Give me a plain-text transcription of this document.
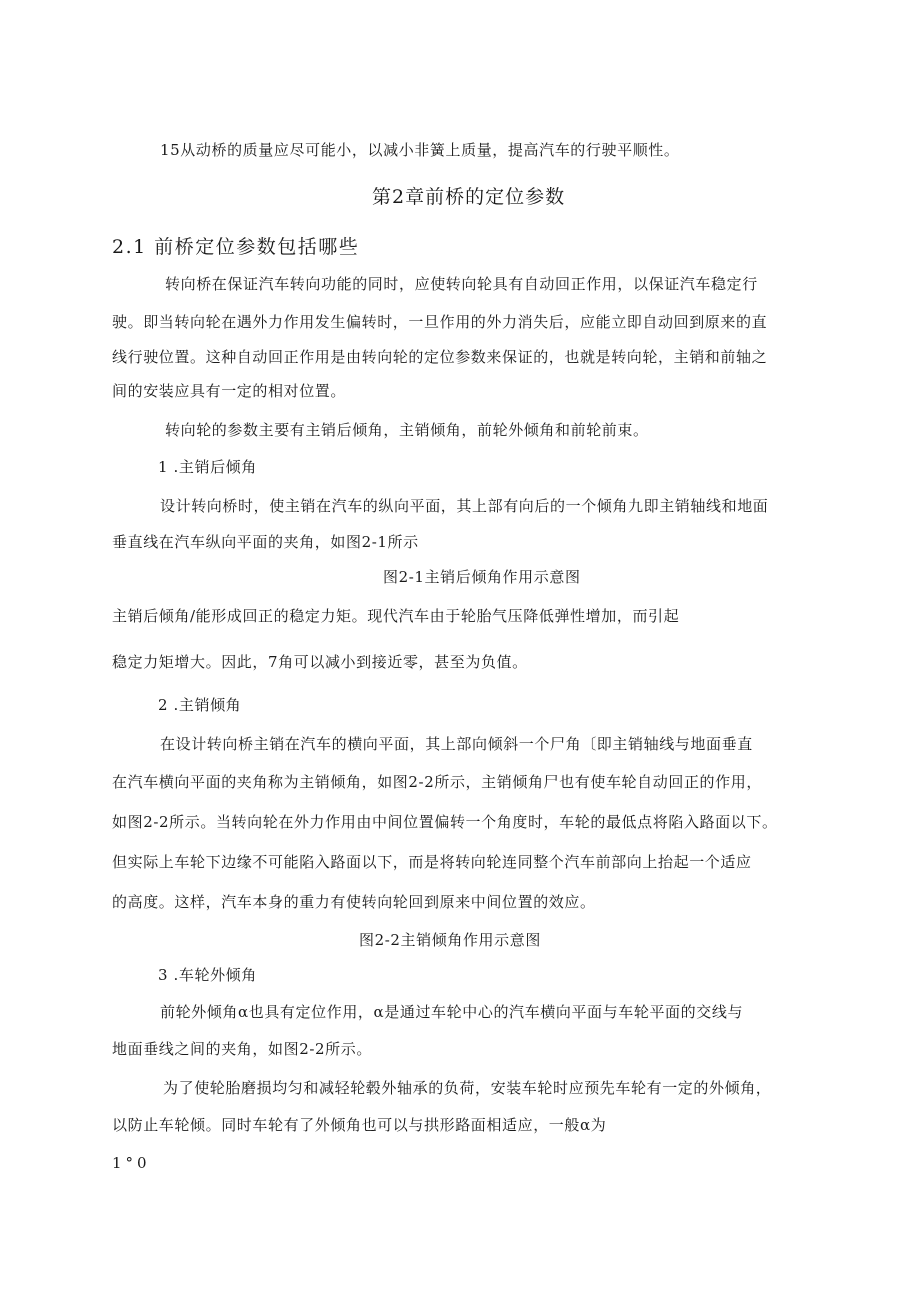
15从动桥的质量应尽可能小，以减小非簧上质量，提高汽车的行驶平顺性。
第2章前桥的定位参数
2.1 前桥定位参数包括哪些
转向桥在保证汽车转向功能的同时，应使转向轮具有自动回正作用，以保证汽车稳定行
驶。即当转向轮在遇外力作用发生偏转时，一旦作用的外力消失后，应能立即自动回到原来的直
线行驶位置。这种自动回正作用是由转向轮的定位参数来保证的，也就是转向轮，主销和前轴之
间的安装应具有一定的相对位置。
转向轮的参数主要有主销后倾角，主销倾角，前轮外倾角和前轮前束。
1 .主销后倾角
设计转向桥时，使主销在汽车的纵向平面，其上部有向后的一个倾角九即主销轴线和地面
垂直线在汽车纵向平面的夹角，如图2-1所示
图2-1主销后倾角作用示意图
主销后倾角/能形成回正的稳定力矩。现代汽车由于轮胎气压降低弹性增加，而引起
稳定力矩增大。因此，7角可以减小到接近零，甚至为负值。
2 .主销倾角
在设计转向桥主销在汽车的横向平面，其上部向倾斜一个尸角〔即主销轴线与地面垂直
在汽车横向平面的夹角称为主销倾角，如图2-2所示，主销倾角尸也有使车轮自动回正的作用，
如图2-2所示。当转向轮在外力作用由中间位置偏转一个角度时，车轮的最低点将陷入路面以下。
但实际上车轮下边缘不可能陷入路面以下，而是将转向轮连同整个汽车前部向上抬起一个适应
的高度。这样，汽车本身的重力有使转向轮回到原来中间位置的效应。
图2-2主销倾角作用示意图
3 .车轮外倾角
前轮外倾角α也具有定位作用，α是通过车轮中心的汽车横向平面与车轮平面的交线与
地面垂线之间的夹角，如图2-2所示。
为了使轮胎磨损均匀和减轻轮毂外轴承的负荷，安装车轮时应预先车轮有一定的外倾角，
以防止车轮倾。同时车轮有了外倾角也可以与拱形路面相适应，一般α为
1°0
